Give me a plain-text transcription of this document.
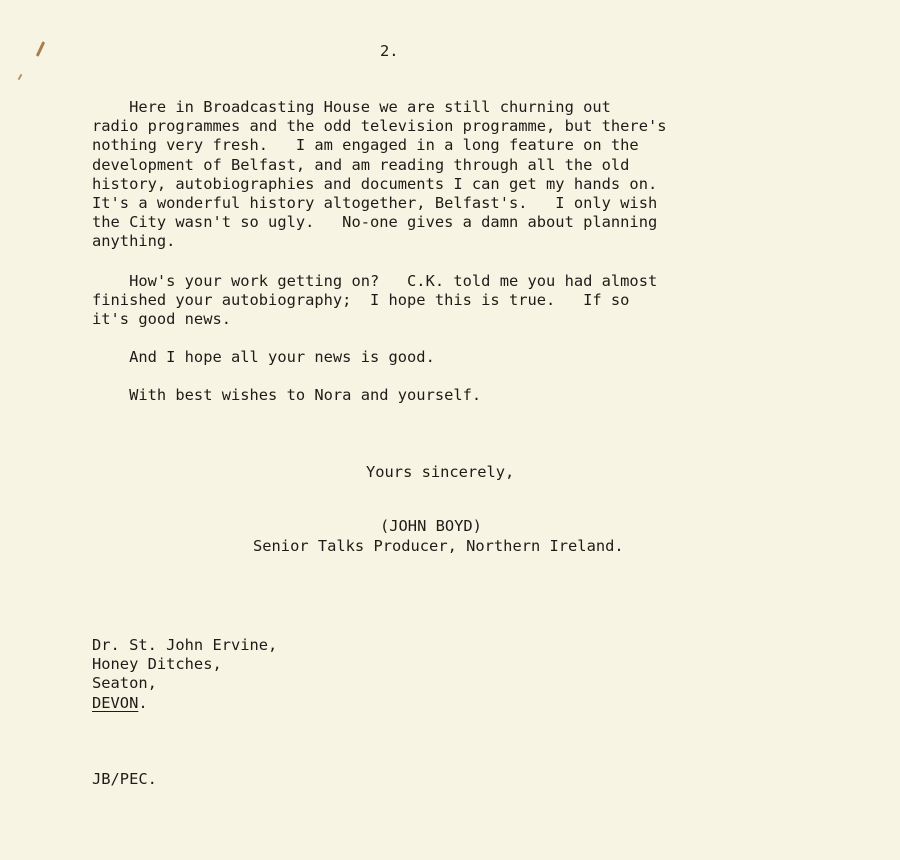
2.

Here in Broadcasting House we are still churning out
radio programmes and the odd television programme, but there's
nothing very fresh.   I am engaged in a long feature on the
development of Belfast, and am reading through all the old
history, autobiographies and documents I can get my hands on.
It's a wonderful history altogether, Belfast's.   I only wish
the City wasn't so ugly.   No-one gives a damn about planning
anything.

How's your work getting on?   C.K. told me you had almost
finished your autobiography;  I hope this is true.   If so
it's good news.

And I hope all your news is good.

With best wishes to Nora and yourself.

Yours sincerely,
(JOHN BOYD)
Senior Talks Producer, Northern Ireland.
Dr. St. John Ervine,
Honey Ditches,
Seaton,
DEVON.
JB/PEC.
